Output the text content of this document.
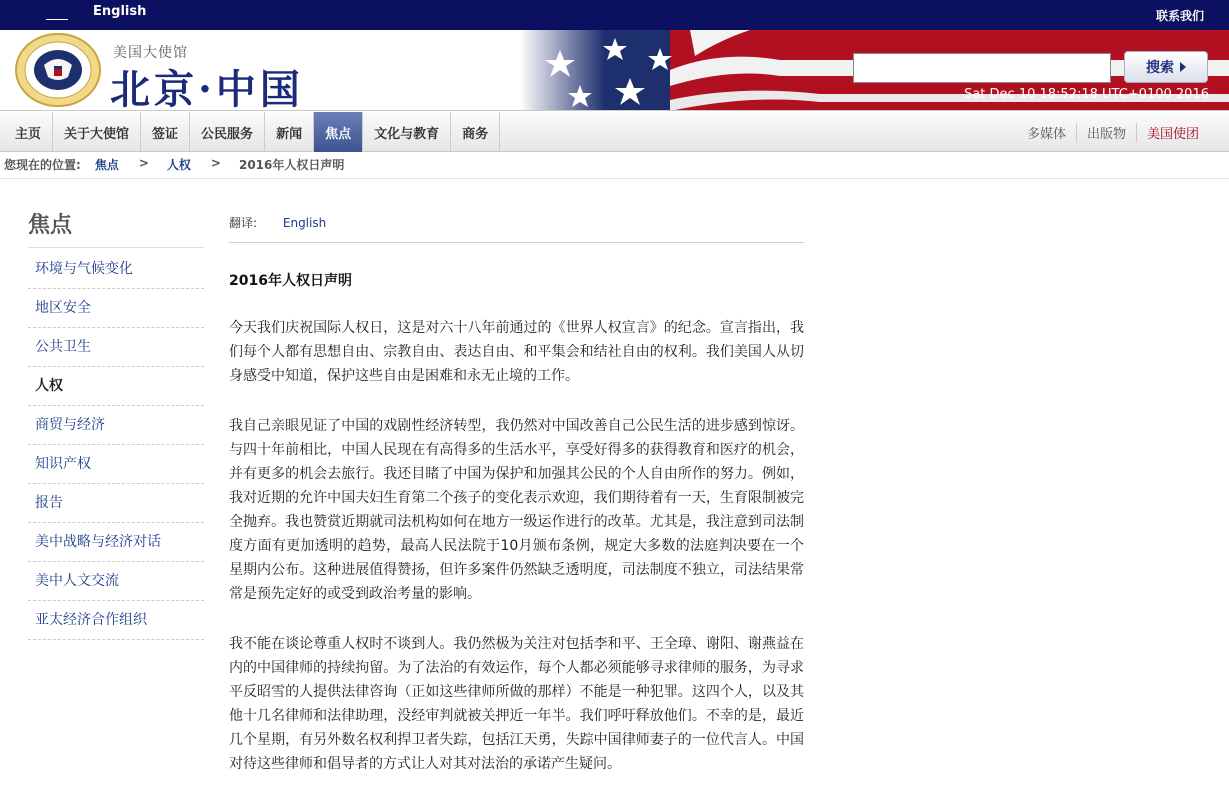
English	联系我们
美国大使馆
北京·中国	搜索
Sat Dec 10 18:52:18 UTC+0100 2016
主页	关于大使馆	签证	公民服务	新闻	焦点	文化与教育	商务	多媒体	出版物	美国使团
您现在的位置: 焦点 > 人权 > 2016年人权日声明
焦点
环境与气候变化
地区安全
公共卫生
人权
商贸与经济
知识产权
报告
美中战略与经济对话
美中人文交流
亚太经济合作组织
翻译: English
2016年人权日声明

今天我们庆祝国际人权日，这是对六十八年前通过的《世界人权宣言》的纪念。宣言指出，我们每个人都有思想自由、宗教自由、表达自由、和平集会和结社自由的权利。我们美国人从切身感受中知道，保护这些自由是困难和永无止境的工作。

我自己亲眼见证了中国的戏剧性经济转型，我仍然对中国改善自己公民生活的进步感到惊讶。与四十年前相比，中国人民现在有高得多的生活水平，享受好得多的获得教育和医疗的机会，并有更多的机会去旅行。我还目睹了中国为保护和加强其公民的个人自由所作的努力。例如，我对近期的允许中国夫妇生育第二个孩子的变化表示欢迎，我们期待着有一天，生育限制被完全抛弃。我也赞赏近期就司法机构如何在地方一级运作进行的改革。尤其是，我注意到司法制度方面有更加透明的趋势，最高人民法院于10月颁布条例，规定大多数的法庭判决要在一个星期内公布。这种进展值得赞扬，但许多案件仍然缺乏透明度，司法制度不独立，司法结果常常是预先定好的或受到政治考量的影响。

我不能在谈论尊重人权时不谈到人。我仍然极为关注对包括李和平、王全璋、谢阳、谢燕益在内的中国律师的持续拘留。为了法治的有效运作，每个人都必须能够寻求律师的服务，为寻求平反昭雪的人提供法律咨询（正如这些律师所做的那样）不能是一种犯罪。这四个人，以及其他十几名律师和法律助理，没经审判就被关押近一年半。我们呼吁释放他们。不幸的是，最近几个星期，有另外数名权利捍卫者失踪，包括江天勇，失踪中国律师妻子的一位代言人。中国对待这些律师和倡导者的方式让人对其对法治的承诺产生疑问。
